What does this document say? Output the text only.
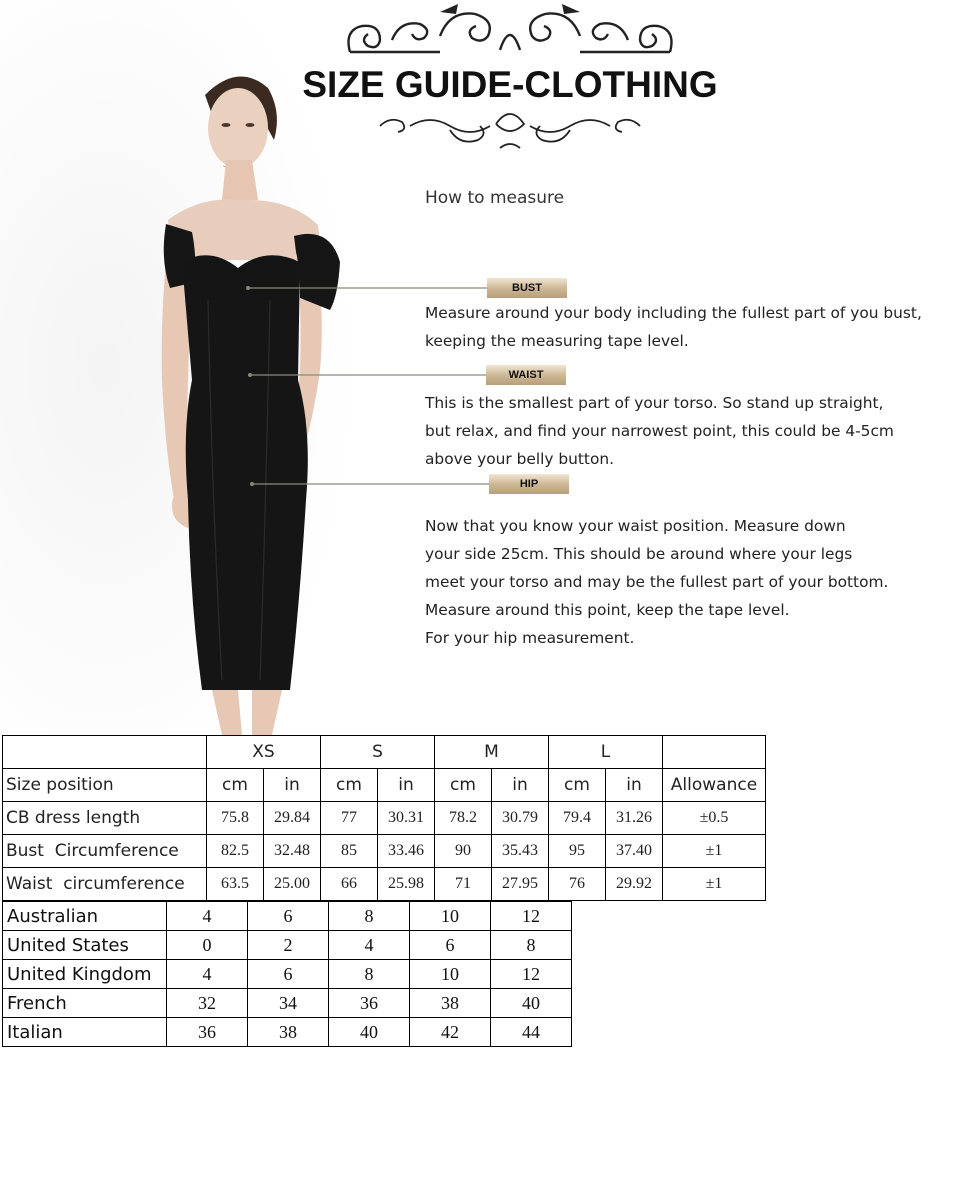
SIZE GUIDE-CLOTHING
How to measure
BUST
Measure around your body including the fullest part of you bust,
keeping the measuring tape level.
WAIST
This is the smallest part of your torso. So stand up straight,
but relax, and find your narrowest point, this could be 4-5cm
above your belly button.
HIP
Now that you know your waist position. Measure down
your side 25cm. This should be around where your legs
meet your torso and may be the fullest part of your bottom.
Measure around this point, keep the tape level.
For your hip measurement.
	XS		S		M		L		
Size position	cm	in	cm	in	cm	in	cm	in	Allowance
CB dress length	75.8	29.84	77	30.31	78.2	30.79	79.4	31.26	±0.5
Bust  Circumference	82.5	32.48	85	33.46	90	35.43	95	37.40	±1
Waist  circumference	63.5	25.00	66	25.98	71	27.95	76	29.92	±1
Australian	4	6	8	10	12
United States	0	2	4	6	8
United Kingdom	4	6	8	10	12
French	32	34	36	38	40
Italian	36	38	40	42	44
